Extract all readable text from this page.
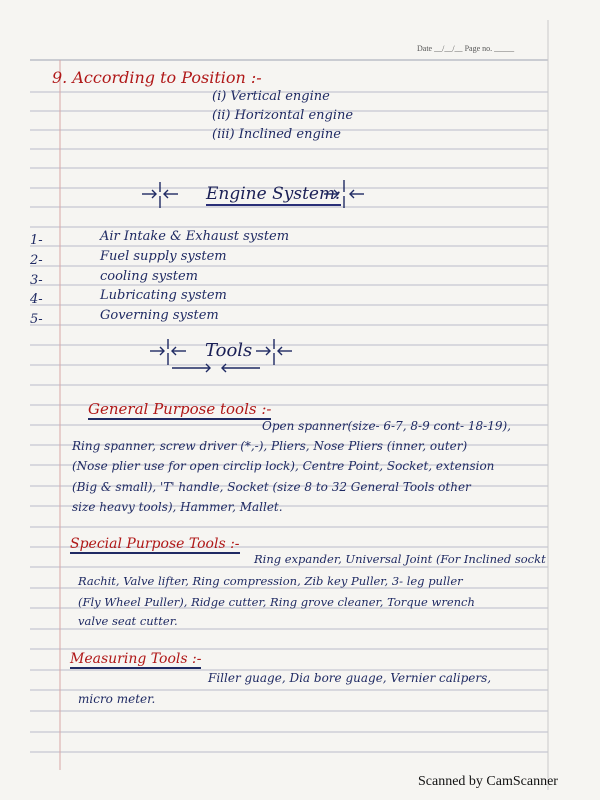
Date __/__/__ Page no. _____
9. According to Position :-
(i) Vertical engine
(ii) Horizontal engine
(iii) Inclined engine
Engine System:
1-	Air Intake & Exhaust system
2-	Fuel supply system
3-	cooling system
4-	Lubricating system
5-	Governing system
Tools
General Purpose tools :-
Open spanner(size- 6-7, 8-9 cont- 18-19),
Ring spanner, screw driver (*,-), Pliers, Nose Pliers (inner, outer)
(Nose plier use for open circlip lock), Centre Point, Socket, extension
(Big & small), 'T' handle, Socket (size 8 to 32 General Tools other
size heavy tools), Hammer, Mallet.
Special Purpose Tools :-
Ring expander, Universal Joint (For Inclined sockt
Rachit, Valve lifter, Ring compression, Zib key Puller, 3- leg puller
(Fly Wheel Puller), Ridge cutter, Ring grove cleaner, Torque wrench
valve seat cutter.
Measuring Tools :-
Filler guage, Dia bore guage, Vernier calipers,
micro meter.
Scanned by CamScanner
